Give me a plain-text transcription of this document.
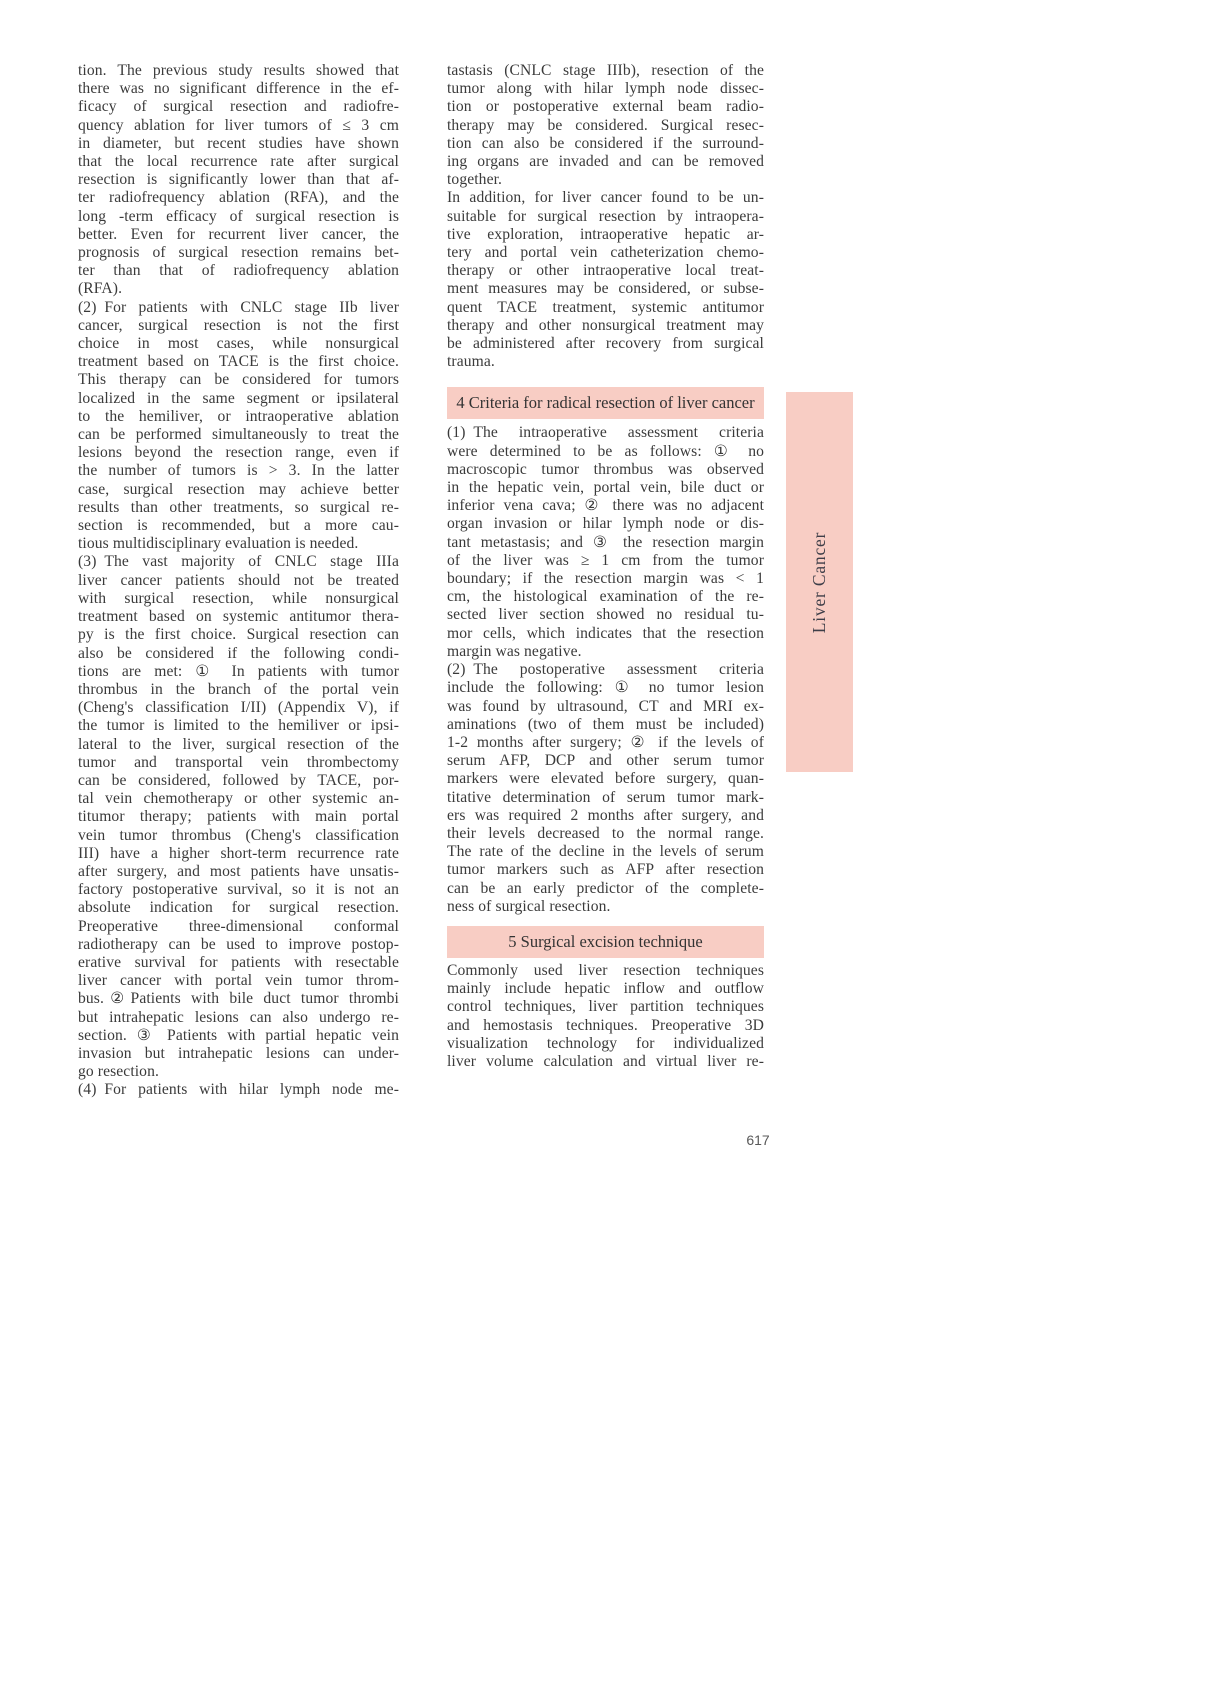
tion. The previous study results showed that
there was no significant difference in the ef-
ficacy of surgical resection and radiofre-
quency ablation for liver tumors of ≤ 3 cm
in diameter, but recent studies have shown
that the local recurrence rate after surgical
resection is significantly lower than that af-
ter radiofrequency ablation (RFA), and the
long -term efficacy of surgical resection is
better. Even for recurrent liver cancer, the
prognosis of surgical resection remains bet-
ter than that of radiofrequency ablation
(RFA).
(2) For patients with CNLC stage IIb liver
cancer, surgical resection is not the first
choice in most cases, while nonsurgical
treatment based on TACE is the first choice.
This therapy can be considered for tumors
localized in the same segment or ipsilateral
to the hemiliver, or intraoperative ablation
can be performed simultaneously to treat the
lesions beyond the resection range, even if
the number of tumors is > 3. In the latter
case, surgical resection may achieve better
results than other treatments, so surgical re-
section is recommended, but a more cau-
tious multidisciplinary evaluation is needed.
(3) The vast majority of CNLC stage IIIa
liver cancer patients should not be treated
with surgical resection, while nonsurgical
treatment based on systemic antitumor thera-
py is the first choice. Surgical resection can
also be considered if the following condi-
tions are met: ① In patients with tumor
thrombus in the branch of the portal vein
(Cheng's classification I/II) (Appendix V), if
the tumor is limited to the hemiliver or ipsi-
lateral to the liver, surgical resection of the
tumor and transportal vein thrombectomy
can be considered, followed by TACE, por-
tal vein chemotherapy or other systemic an-
titumor therapy; patients with main portal
vein tumor thrombus (Cheng's classification
III) have a higher short-term recurrence rate
after surgery, and most patients have unsatis-
factory postoperative survival, so it is not an
absolute indication for surgical resection.
Preoperative three-dimensional conformal
radiotherapy can be used to improve postop-
erative survival for patients with resectable
liver cancer with portal vein tumor throm-
bus.②Patients with bile duct tumor thrombi
but intrahepatic lesions can also undergo re-
section. ③ Patients with partial hepatic vein
invasion but intrahepatic lesions can under-
go resection.
(4) For patients with hilar lymph node me-
tastasis (CNLC stage IIIb), resection of the
tumor along with hilar lymph node dissec-
tion or postoperative external beam radio-
therapy may be considered. Surgical resec-
tion can also be considered if the surround-
ing organs are invaded and can be removed
together.
In addition, for liver cancer found to be un-
suitable for surgical resection by intraopera-
tive exploration, intraoperative hepatic ar-
tery and portal vein catheterization chemo-
therapy or other intraoperative local treat-
ment measures may be considered, or subse-
quent TACE treatment, systemic antitumor
therapy and other nonsurgical treatment may
be administered after recovery from surgical
trauma.
4 Criteria for radical resection of liver cancer
(1) The intraoperative assessment criteria
were determined to be as follows: ① no
macroscopic tumor thrombus was observed
in the hepatic vein, portal vein, bile duct or
inferior vena cava; ② there was no adjacent
organ invasion or hilar lymph node or dis-
tant metastasis; and ③ the resection margin
of the liver was ≥ 1 cm from the tumor
boundary; if the resection margin was < 1
cm, the histological examination of the re-
sected liver section showed no residual tu-
mor cells, which indicates that the resection
margin was negative.
(2) The postoperative assessment criteria
include the following: ① no tumor lesion
was found by ultrasound, CT and MRI ex-
aminations (two of them must be included)
1-2 months after surgery; ② if the levels of
serum AFP, DCP and other serum tumor
markers were elevated before surgery, quan-
titative determination of serum tumor mark-
ers was required 2 months after surgery, and
their levels decreased to the normal range.
The rate of the decline in the levels of serum
tumor markers such as AFP after resection
can be an early predictor of the complete-
ness of surgical resection.
5 Surgical excision technique
Commonly used liver resection techniques
mainly include hepatic inflow and outflow
control techniques, liver partition techniques
and hemostasis techniques. Preoperative 3D
visualization technology for individualized
liver volume calculation and virtual liver re-
Liver Cancer
617
